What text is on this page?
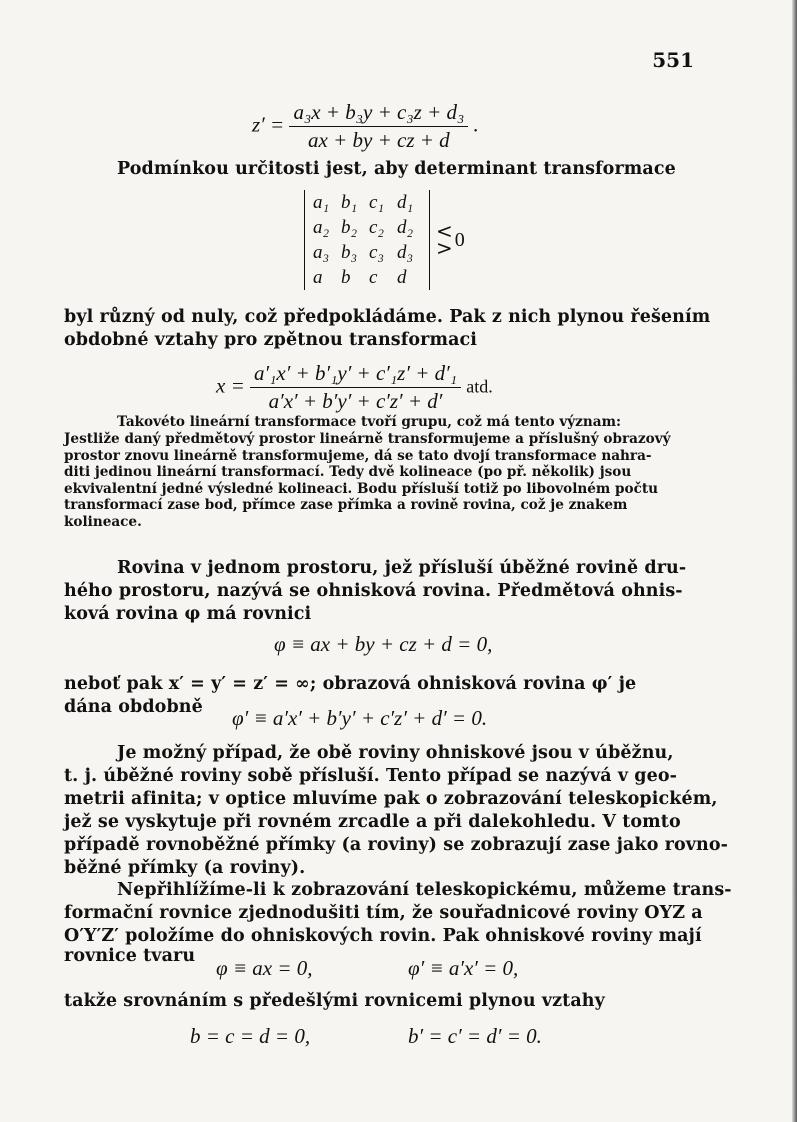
551
$z' = \frac{\text{a₃x + b₃y + c₃z + d₃}}{ax + by + cz + d}$ .
Podmínkou určitosti jest, aby determinant transformace
a₁ b₁ c₁ d₁
a₂ b₂ c₂ d₂
a₃ b₃ c₃ d₃
a b c	d
<
> 0
byl různý od nuly, což předpokládáme. Pak z nich plynou řešením
obdobné vztahy pro zpětnou transformaci
$x = \frac{\text{a′₁x′ + b′₁y′ + c′₁z′ + d′₁}}{a'x' + b'y' + c'z' + d'}$ atd.
Takovéto lineární transformace tvoří grupu, což má tento význam:
Jestliže daný předmětový prostor lineárně transformujeme a příslušný obrazový
prostor znovu lineárně transformujeme, dá se tato dvojí transformace nahra-
diti jedinou lineární transformací. Tedy dvě kolineace (po př. několik) jsou
ekvivalentní jedné výsledné kolineaci. Bodu přísluší totiž po libovolném počtu
transformací zase bod, přímce zase přímka a rovině rovina, což je znakem
kolineace.
Rovina v jednom prostoru, jež přísluší úběžné rovině dru-
hého prostoru, nazývá se ohnisková rovina. Předmětová ohnis-
ková rovina φ má rovnici
φ ≡ ax + by + cz + d = 0,
neboť pak x′ = y′ = z′ = ∞; obrazová ohnisková rovina φ′ je
dána obdobně φ′ ≡ a′x′ + b′y′ + c′z′ + d′ = 0.
Je možný případ, že obě roviny ohniskové jsou v úběžnu,
t. j. úběžné roviny sobě přísluší. Tento případ se nazývá v geo-
metrii afinita; v optice mluvíme pak o zobrazování teleskopickém,
jež se vyskytuje při rovném zrcadle a při dalekohledu. V tomto
případě rovnoběžné přímky (a roviny) se zobrazují zase jako rovno-
běžné přímky (a roviny).
Nepřihlížíme-li k zobrazování teleskopickému, můžeme trans-
formační rovnice zjednodušiti tím, že souřadnicové roviny OYZ a
O′Y′Z′ položíme do ohniskových rovin. Pak ohniskové roviny mají
rovnice tvaru φ ≡ ax = 0,	φ′ ≡ a′x′ = 0,
takže srovnáním s předešlými rovnicemi plynou vztahy
b = c = d = 0,	b′ = c′ = d′ = 0.
